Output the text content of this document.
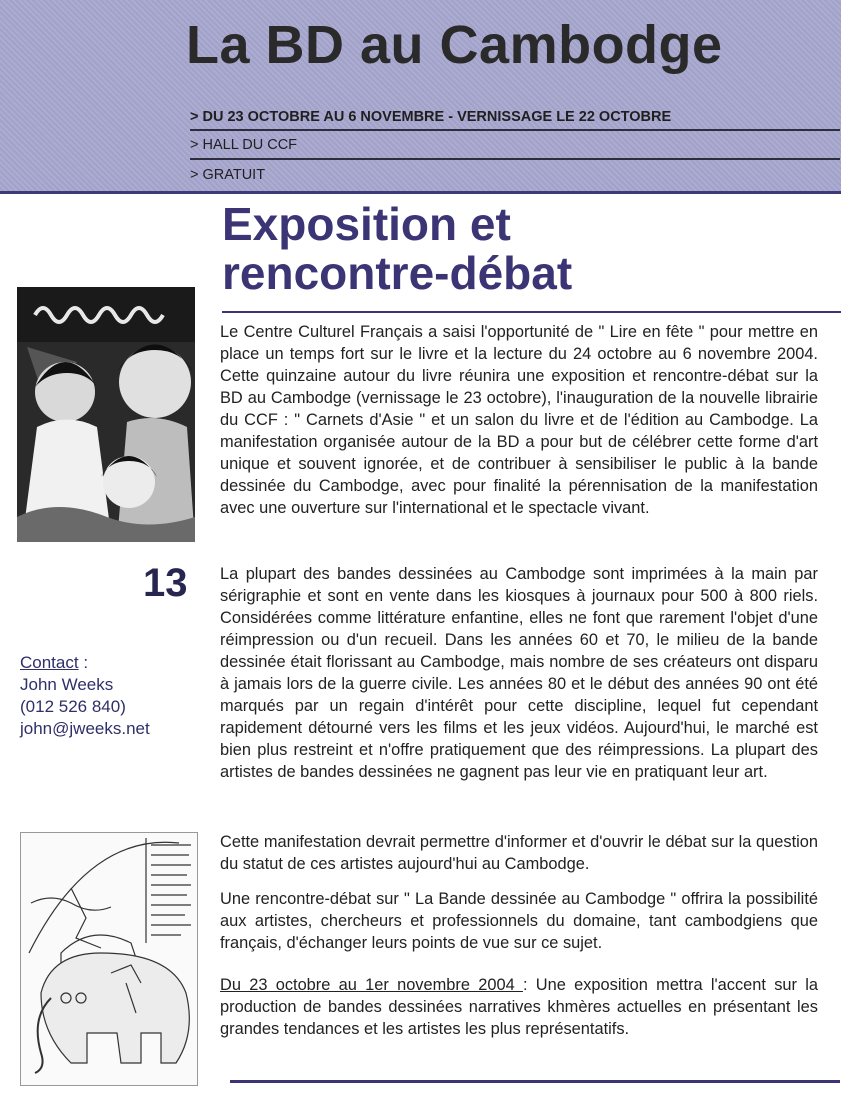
La BD au Cambodge
> DU 23 OCTOBRE AU 6 NOVEMBRE - VERNISSAGE LE 22 OCTOBRE
> HALL DU CCF
> GRATUIT
Exposition et
rencontre-débat
13
Contact :
John Weeks
(012 526 840)
john@jweeks.net

Le Centre Culturel Français a saisi l'opportunité de " Lire en fête " pour mettre en place un temps fort sur le livre et la lecture du 24 octobre au 6 novembre 2004. Cette quinzaine autour du livre réunira une exposition et rencontre-débat sur la BD au Cambodge (vernissage le 23 octobre), l'inauguration de la nouvelle librairie du CCF : " Carnets d'Asie " et un salon du livre et de l'édition au Cambodge. La manifestation organisée autour de la BD a pour but de célébrer cette forme d'art unique et souvent ignorée, et de contribuer à sensibiliser le public à la bande dessinée du Cambodge, avec pour finalité la pérennisation de la manifestation avec une ouverture sur l'international et le spectacle vivant.

La plupart des bandes dessinées au Cambodge sont imprimées à la main par sérigraphie et sont en vente dans les kiosques à journaux pour 500 à 800 riels. Considérées comme littérature enfantine, elles ne font que rarement l'objet d'une réimpression ou d'un recueil. Dans les années 60 et 70, le milieu de la bande dessinée était florissant au Cambodge, mais nombre de ses créateurs ont disparu à jamais lors de la guerre civile. Les années 80 et le début des années 90 ont été marqués par un regain d'intérêt pour cette discipline, lequel fut cependant rapidement détourné vers les films et les jeux vidéos. Aujourd'hui, le marché est bien plus restreint et n'offre pratiquement que des réimpressions. La plupart des artistes de bandes dessinées ne gagnent pas leur vie en pratiquant leur art.

Cette manifestation devrait permettre d'informer et d'ouvrir le débat sur la question du statut de ces artistes aujourd'hui au Cambodge.

Une rencontre-débat sur " La Bande dessinée au Cambodge " offrira la possibilité aux artistes, chercheurs et professionnels du domaine, tant cambodgiens que français, d'échanger leurs points de vue sur ce sujet.

Du 23 octobre au 1er novembre 2004 : Une exposition mettra l'accent sur la production de bandes dessinées narratives khmères actuelles en présentant les grandes tendances et les artistes les plus représentatifs.
